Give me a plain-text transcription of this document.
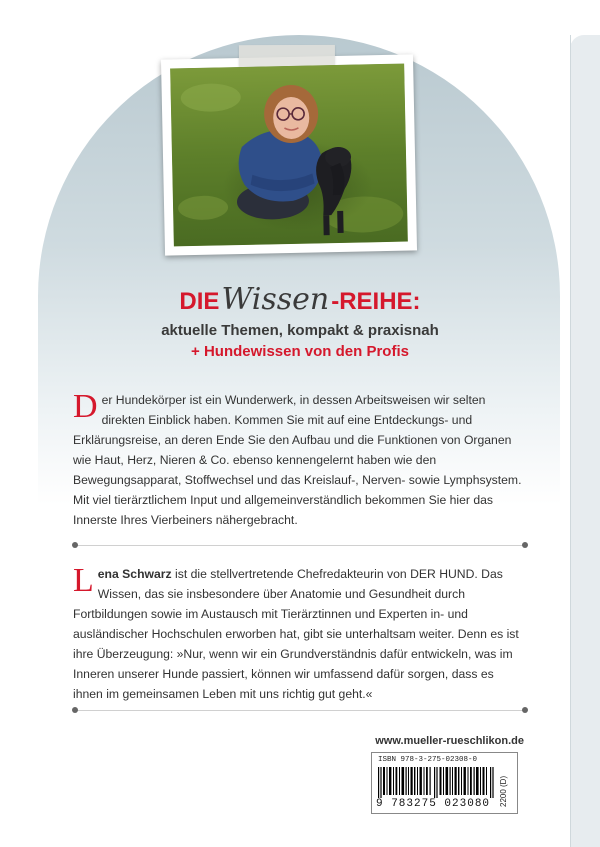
DIE Wissen -REIHE:
aktuelle Themen, kompakt & praxisnah
+ Hundewissen von den Profis
Der Hundekörper ist ein Wunderwerk, in dessen Arbeitsweisen wir selten direkten Einblick haben. Kommen Sie mit auf eine Entdeckungs- und Erklärungsreise, an deren Ende Sie den Aufbau und die Funktionen von Organen wie Haut, Herz, Nieren & Co. ebenso kennengelernt haben wie den Bewegungsapparat, Stoffwechsel und das Kreislauf-, Nerven- sowie Lymphsystem. Mit viel tierärztlichem Input und allgemeinverständlich bekommen Sie hier das Innerste Ihres Vierbeiners nähergebracht.
Lena Schwarz ist die stellvertretende Chefredakteurin von DER HUND. Das Wissen, das sie insbesondere über Anatomie und Gesundheit durch Fortbildungen sowie im Austausch mit Tierärztinnen und Experten in- und ausländischer Hochschulen erworben hat, gibt sie unterhaltsam weiter. Denn es ist ihre Überzeugung: »Nur, wenn wir ein Grundverständnis dafür entwickeln, was im Inneren unserer Hunde passiert, können wir umfassend dafür sorgen, dass es ihnen im gemeinsamen Leben mit uns richtig gut geht.«
www.mueller-rueschlikon.de
ISBN 978-3-275-02308-0
9 783275 023080 2200 (D)
